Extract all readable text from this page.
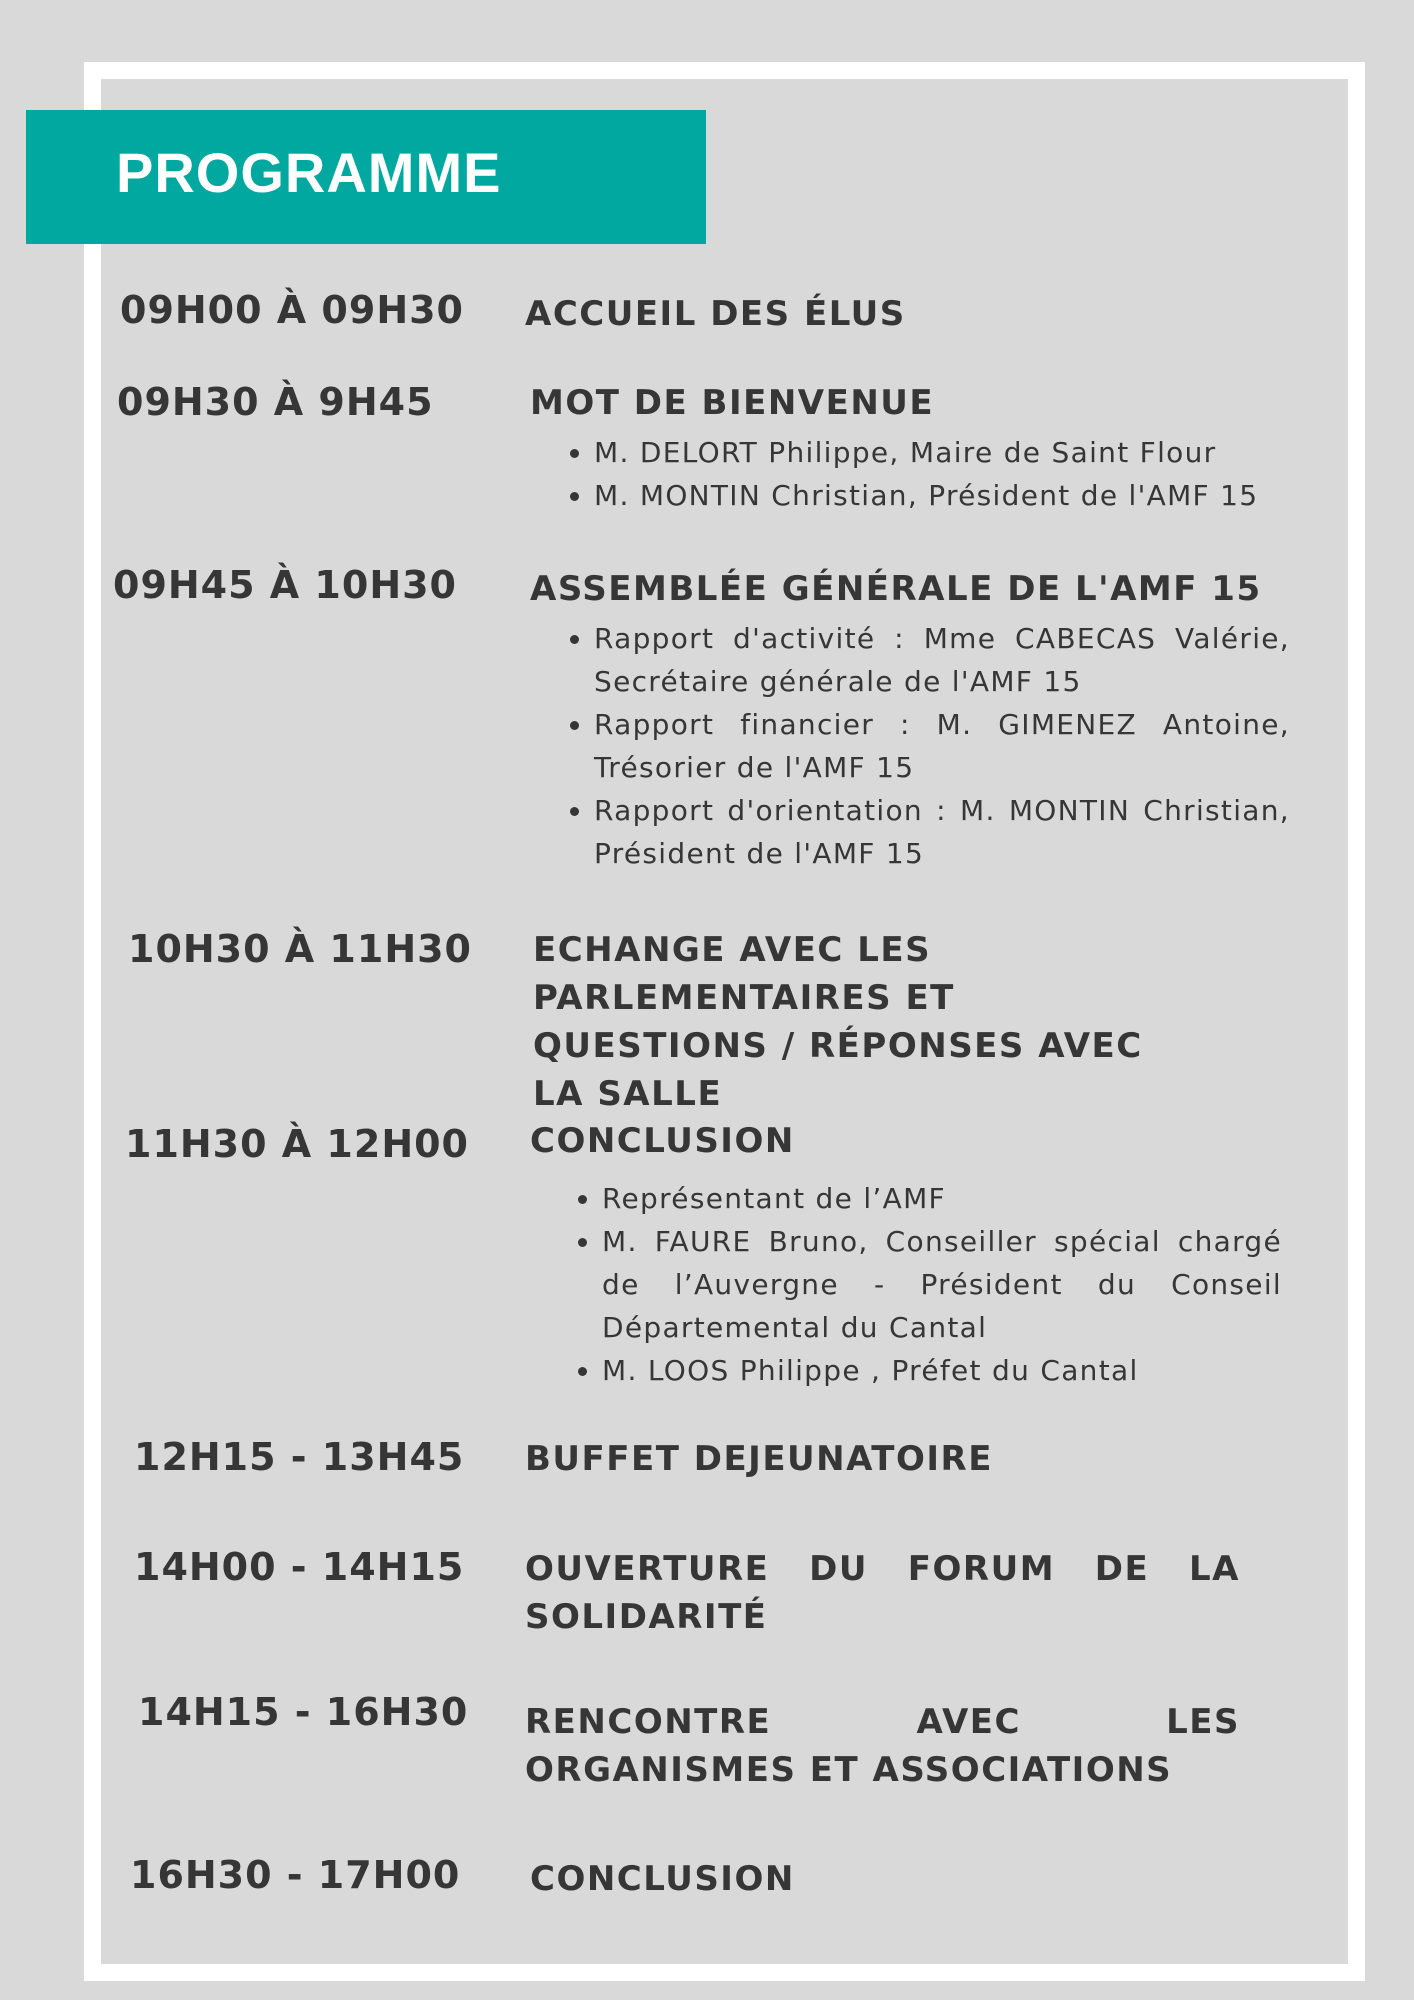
PROGRAMME
09H00 À 09H30 ACCUEIL DES ÉLUS
09H30 À 9H45	MOT DE BIENVENUE
• M. DELORT Philippe, Maire de Saint Flour
• M. MONTIN Christian, Président de l'AMF 15
09H45 À 10H30 ASSEMBLÉE GÉNÉRALE DE L'AMF 15
• Rapport d'activité : Mme CABECAS Valérie, Secrétaire générale de l'AMF 15
• Rapport financier : M. GIMENEZ Antoine, Trésorier de l'AMF 15
• Rapport d'orientation : M. MONTIN Christian, Président de l'AMF 15
10H30 À 11H30 ECHANGE AVEC LES PARLEMENTAIRES ET QUESTIONS / RÉPONSES AVEC LA SALLE
11H30 À 12H00 CONCLUSION
• Représentant de l’AMF
• M. FAURE Bruno, Conseiller spécial chargé de l’Auvergne - Président du Conseil Départemental du Cantal
• M. LOOS Philippe , Préfet du Cantal
12H15 - 13H45 BUFFET DEJEUNATOIRE
14H00 - 14H15 OUVERTURE DU FORUM DE LA SOLIDARITÉ
14H15 - 16H30 RENCONTRE AVEC LES ORGANISMES ET ASSOCIATIONS
16H30 - 17H00 CONCLUSION
